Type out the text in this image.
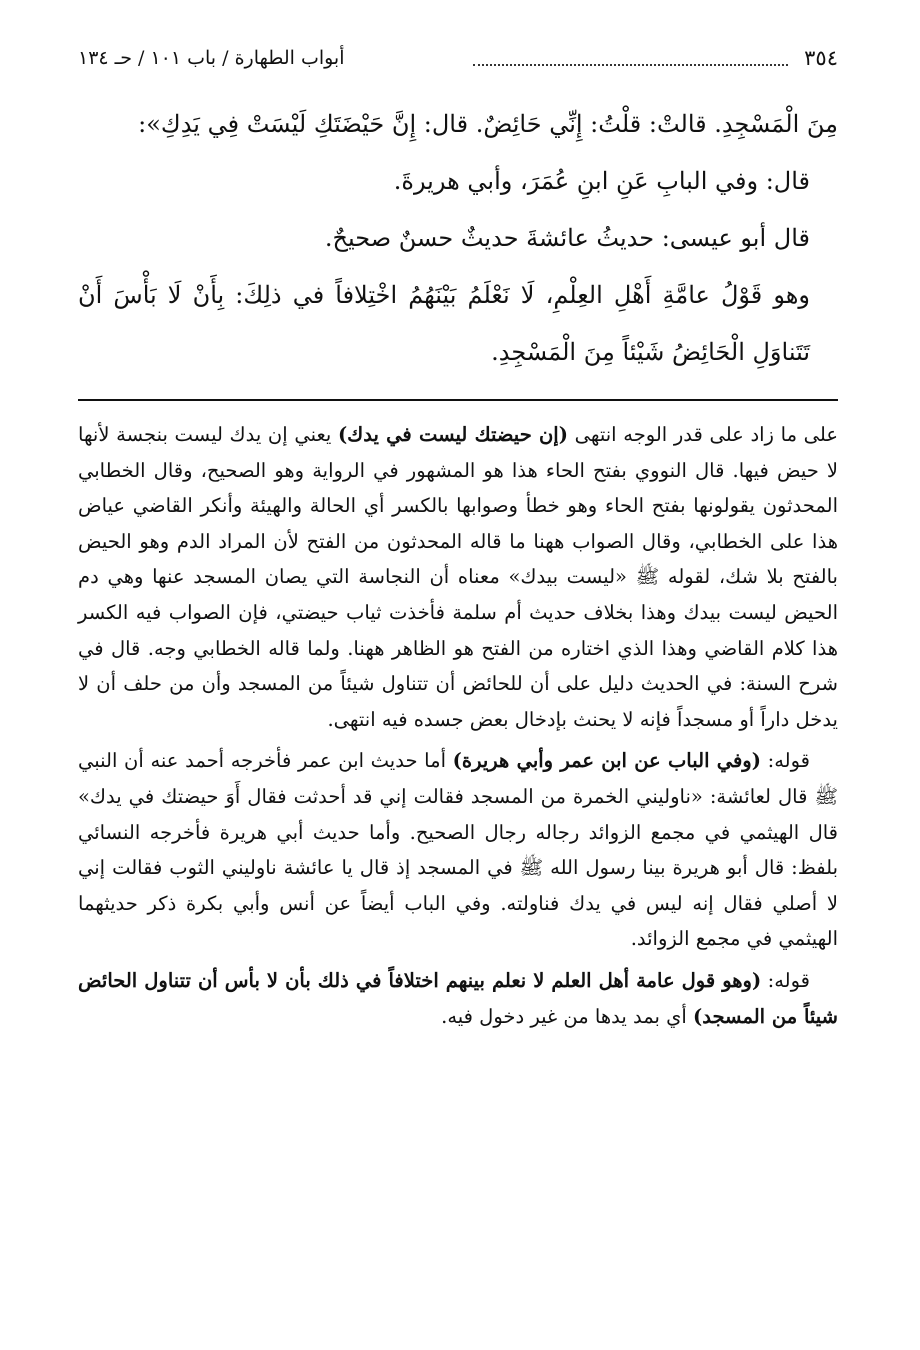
٣٥٤
أبواب الطهارة / باب ١٠١ / حـ ١٣٤

مِنَ الْمَسْجِدِ. قالتْ: قلْتُ: إِنِّي حَائِضٌ. قال: إِنَّ حَيْضَتَكِ لَيْسَتْ فِي يَدِكِ»:

قال: وفي البابِ عَنِ ابنِ عُمَرَ، وأبي هريرةَ.

قال أبو عيسى: حديثُ عائشةَ حديثٌ حسنٌ صحيحٌ.

وهو قَوْلُ عامَّةِ أَهْلِ العِلْمِ، لَا نَعْلَمُ بَيْنَهُمُ اخْتِلافاً في ذلِكَ: بِأَنْ لَا بَأْسَ أَنْ تَتَناوَلِ الْحَائِضُ شَيْئاً مِنَ الْمَسْجِدِ.

على ما زاد على قدر الوجه انتهى (إن حيضتك ليست في يدك) يعني إن يدك ليست بنجسة لأنها لا حيض فيها. قال النووي بفتح الحاء هذا هو المشهور في الرواية وهو الصحيح، وقال الخطابي المحدثون يقولونها بفتح الحاء وهو خطأ وصوابها بالكسر أي الحالة والهيئة وأنكر القاضي عياض هذا على الخطابي، وقال الصواب ههنا ما قاله المحدثون من الفتح لأن المراد الدم وهو الحيض بالفتح بلا شك، لقوله ﷺ «ليست بيدك» معناه أن النجاسة التي يصان المسجد عنها وهي دم الحيض ليست بيدك وهذا بخلاف حديث أم سلمة فأخذت ثياب حيضتي، فإن الصواب فيه الكسر هذا كلام القاضي وهذا الذي اختاره من الفتح هو الظاهر ههنا. ولما قاله الخطابي وجه. قال في شرح السنة: في الحديث دليل على أن للحائض أن تتناول شيئاً من المسجد وأن من حلف أن لا يدخل داراً أو مسجداً فإنه لا يحنث بإدخال بعض جسده فيه انتهى.

قوله: (وفي الباب عن ابن عمر وأبي هريرة) أما حديث ابن عمر فأخرجه أحمد عنه أن النبي ﷺ قال لعائشة: «ناوليني الخمرة من المسجد فقالت إني قد أحدثت فقال أَوَ حيضتك في يدك» قال الهيثمي في مجمع الزوائد رجاله رجال الصحيح. وأما حديث أبي هريرة فأخرجه النسائي بلفظ: قال أبو هريرة بينا رسول الله ﷺ في المسجد إذ قال يا عائشة ناوليني الثوب فقالت إني لا أصلي فقال إنه ليس في يدك فناولته. وفي الباب أيضاً عن أنس وأبي بكرة ذكر حديثهما الهيثمي في مجمع الزوائد.

قوله: (وهو قول عامة أهل العلم لا نعلم بينهم اختلافاً في ذلك بأن لا بأس أن تتناول الحائض شيئاً من المسجد) أي بمد يدها من غير دخول فيه.
